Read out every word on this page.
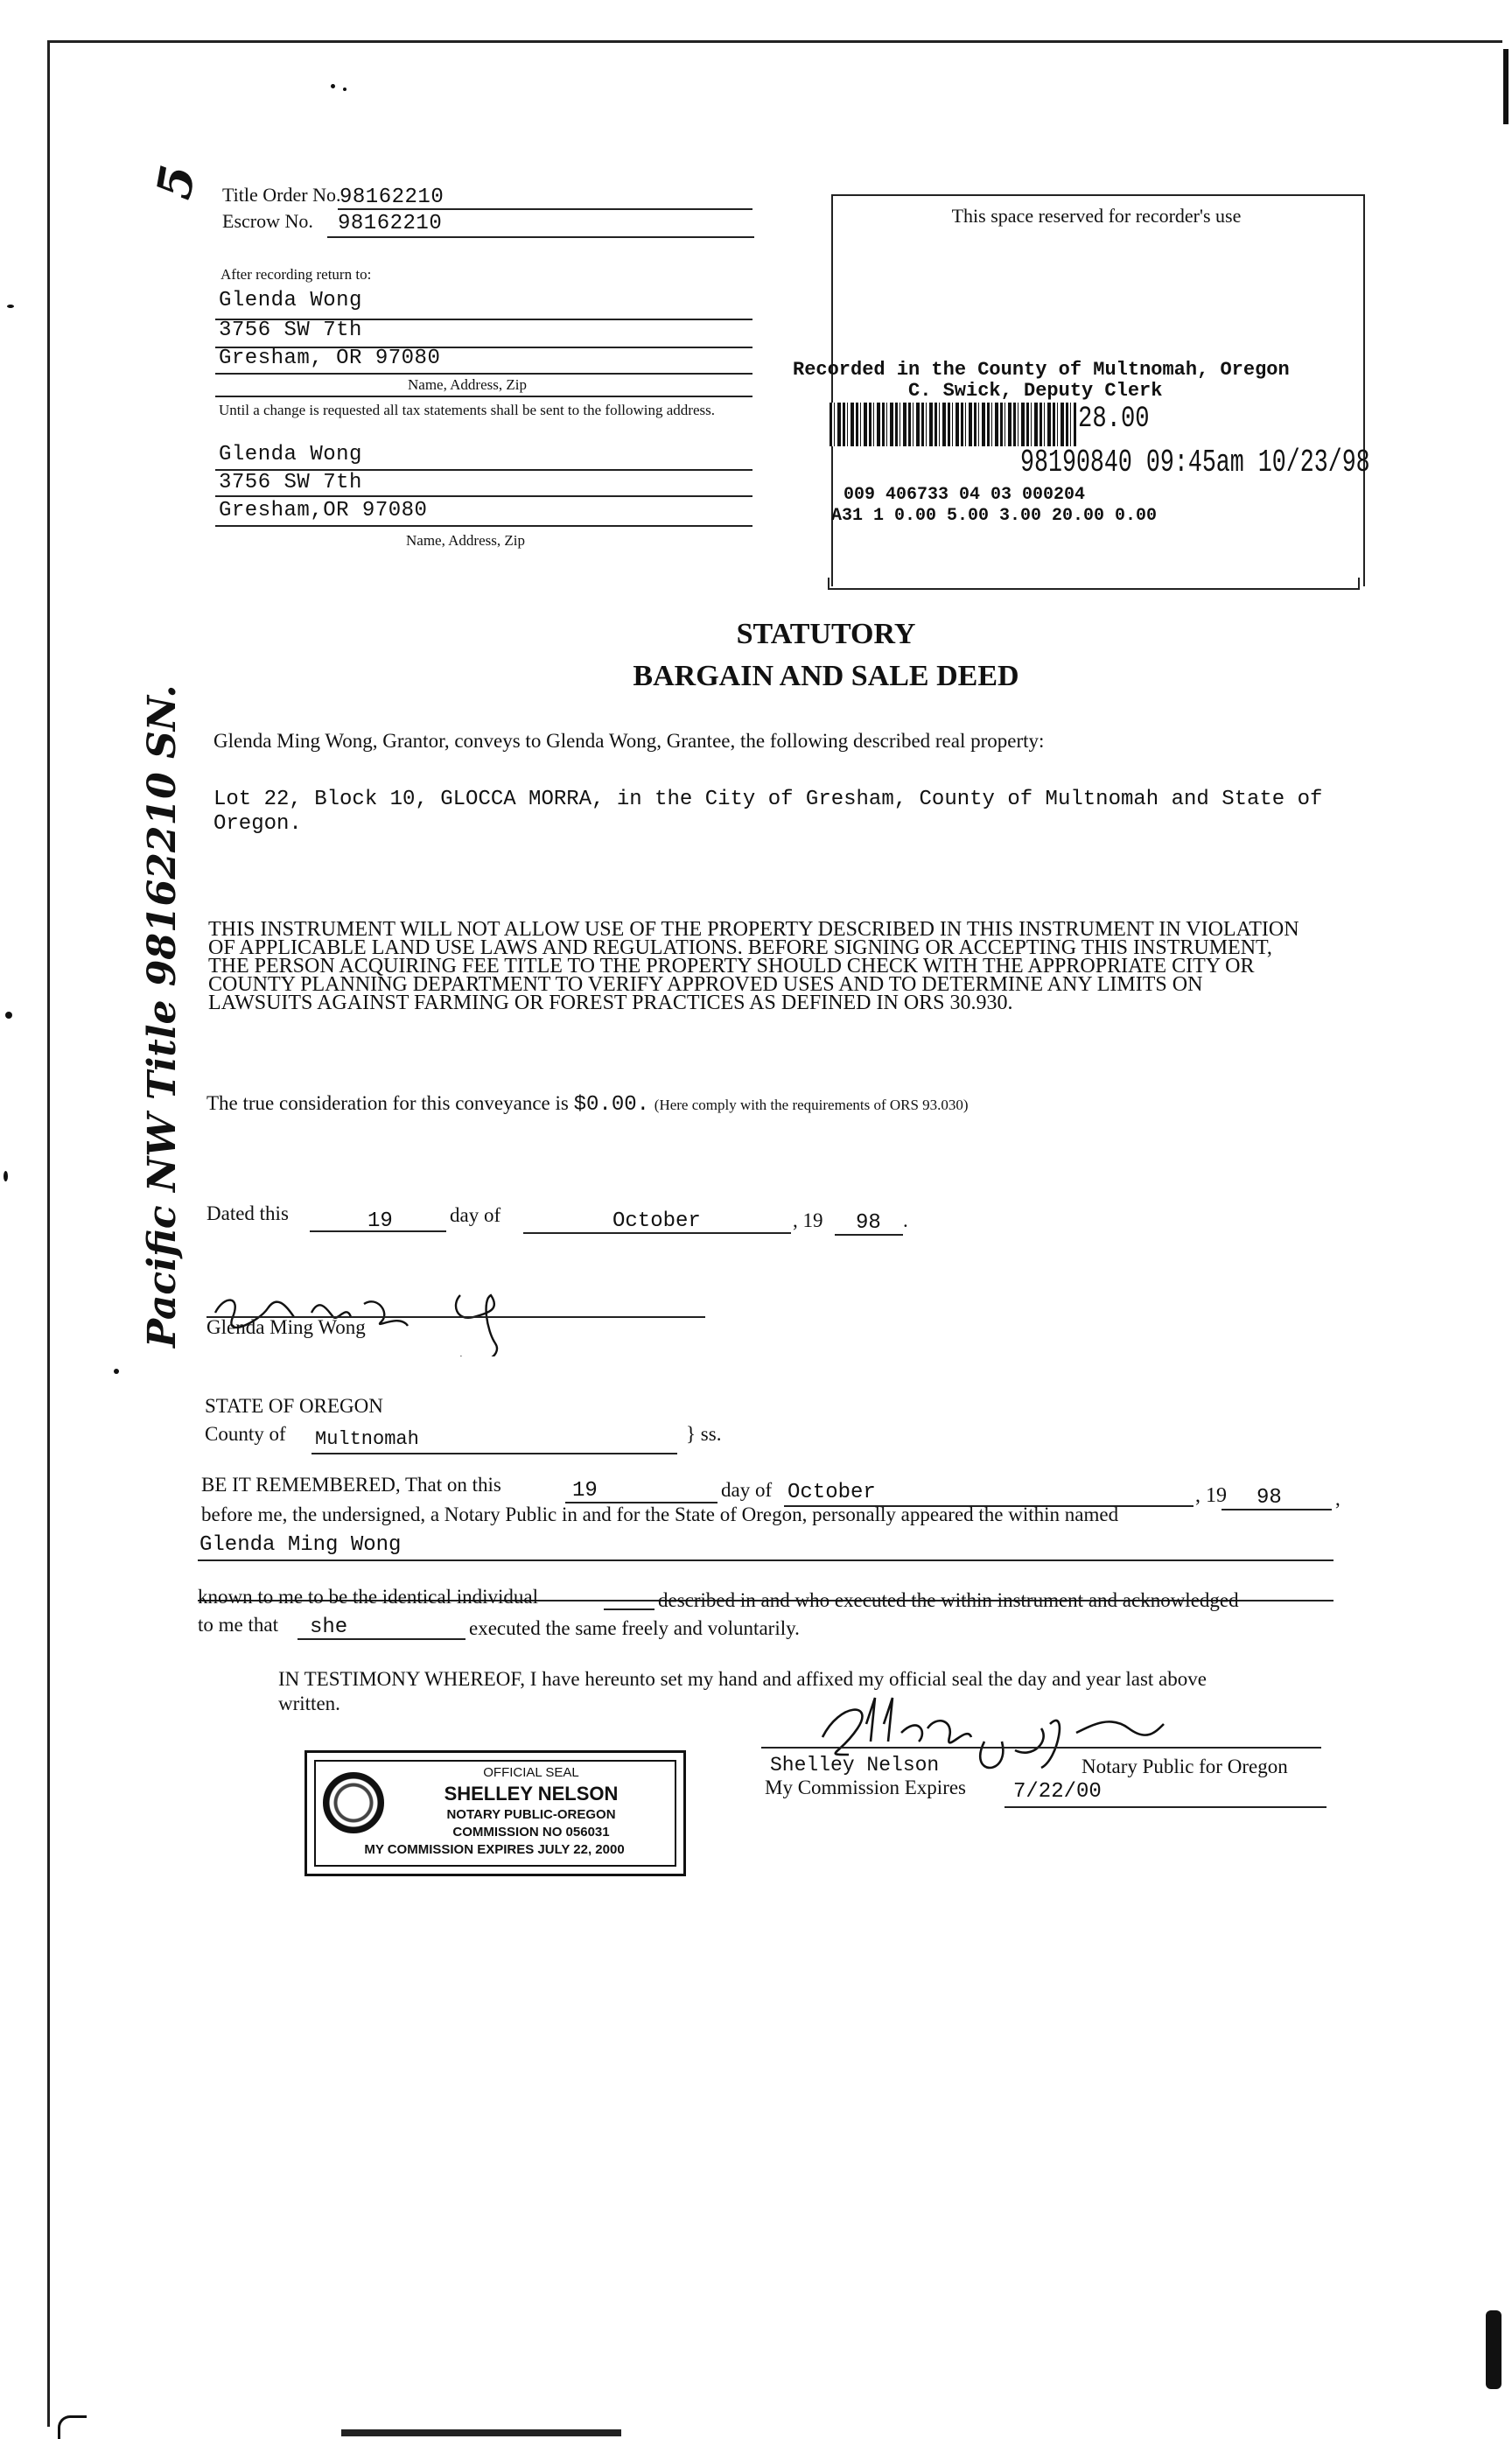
5 Title Order No.
98162210
Escrow No. 98162210
After recording return to:
Glenda Wong
3756 SW 7th
Gresham, OR 97080
Name, Address, Zip
Until a change is requested all tax statements shall be sent to the following address.
Glenda Wong
3756 SW 7th
Gresham,OR 97080
Name, Address, Zip
This space reserved for recorder's use
Recorded in the County of Multnomah, Oregon
C. Swick, Deputy Clerk
28.00
98190840 09:45am 10/23/98
009 406733 04 03 000204
A31 1 0.00 5.00 3.00 20.00 0.00
STATUTORY
BARGAIN AND SALE DEED
Glenda Ming Wong, Grantor, conveys to Glenda Wong, Grantee, the following described real property:
Lot 22, Block 10, GLOCCA MORRA, in the City of Gresham, County of Multnomah and State of
Oregon.
THIS INSTRUMENT WILL NOT ALLOW USE OF THE PROPERTY DESCRIBED IN THIS INSTRUMENT IN VIOLATION
OF APPLICABLE LAND USE LAWS AND REGULATIONS. BEFORE SIGNING OR ACCEPTING THIS INSTRUMENT,
THE PERSON ACQUIRING FEE TITLE TO THE PROPERTY SHOULD CHECK WITH THE APPROPRIATE CITY OR
COUNTY PLANNING DEPARTMENT TO VERIFY APPROVED USES AND TO DETERMINE ANY LIMITS ON
LAWSUITS AGAINST FARMING OR FOREST PRACTICES AS DEFINED IN ORS 30.930.
The true consideration for this conveyance is $0.00. (Here comply with the requirements of ORS 93.030)
Dated this	19	day of	October	, 19 98 .
Glenda Ming Wong
STATE OF OREGON
County of Multnomah	} ss.
BE IT REMEMBERED, That on this	19	day of October	, 19 98	,
before me, the undersigned, a Notary Public in and for the State of Oregon, personally appeared the within named
Glenda Ming Wong
known to me to be the identical individual	described in and who executed the within instrument and acknowledged
to me that she	executed the same freely and voluntarily.
IN TESTIMONY WHEREOF, I have hereunto set my hand and affixed my official seal the day and year last above
written.
Shelley Nelson	Notary Public for Oregon
My Commission Expires 7/22/00
OFFICIAL SEAL
SHELLEY NELSON
NOTARY PUBLIC-OREGON
COMMISSION NO 056031
MY COMMISSION EXPIRES JULY 22, 2000
Pacific NW Title 98162210 SN.
